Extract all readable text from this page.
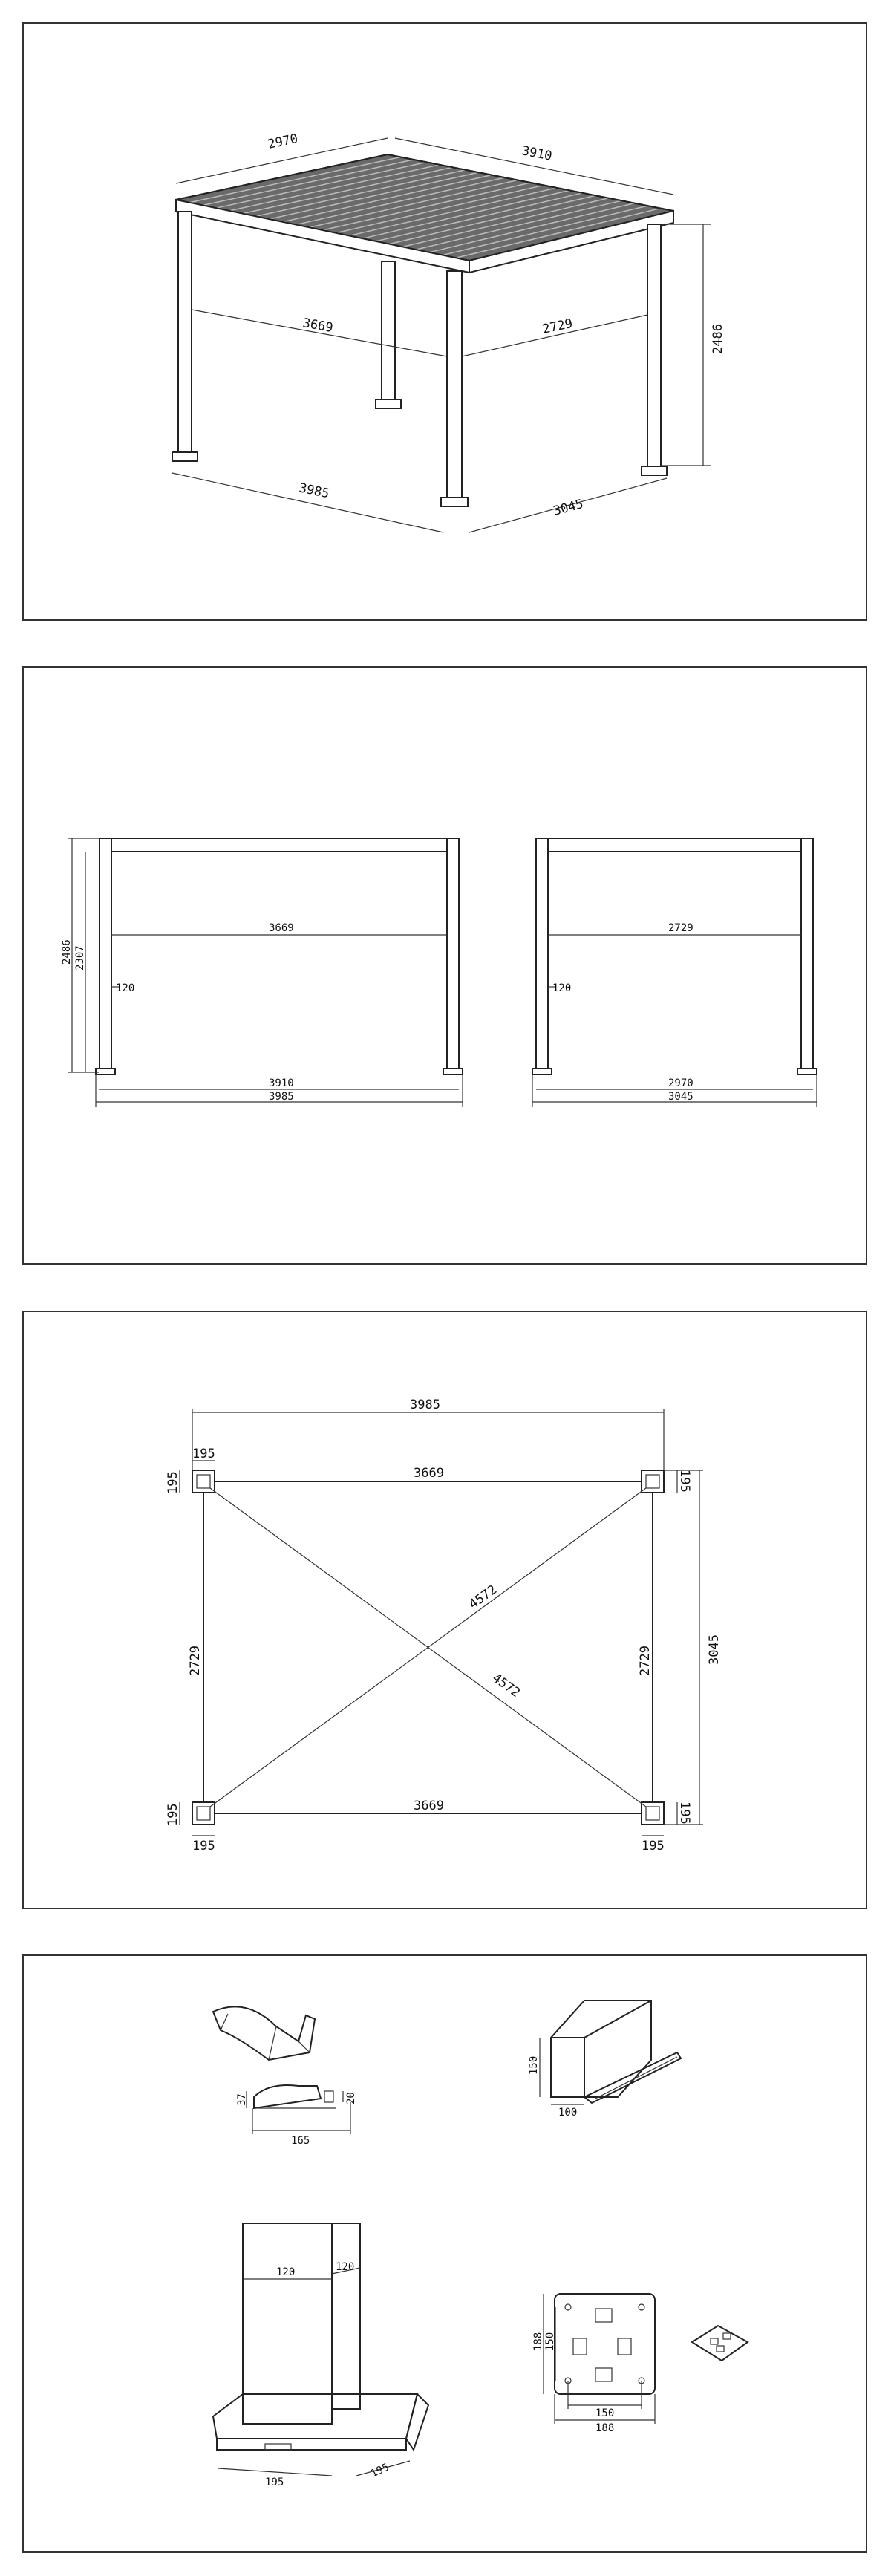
2970
3910
3669	2729	2486
3985
3045
2486 2307
120
3669
3910
3985
120
2729
2970
3045
3985
195
195	195
3669
2729	2729
4572
4572
3045
3669
195
195
195
195
37	20
165
150
100
120	120
195
195
188 150
150
188
